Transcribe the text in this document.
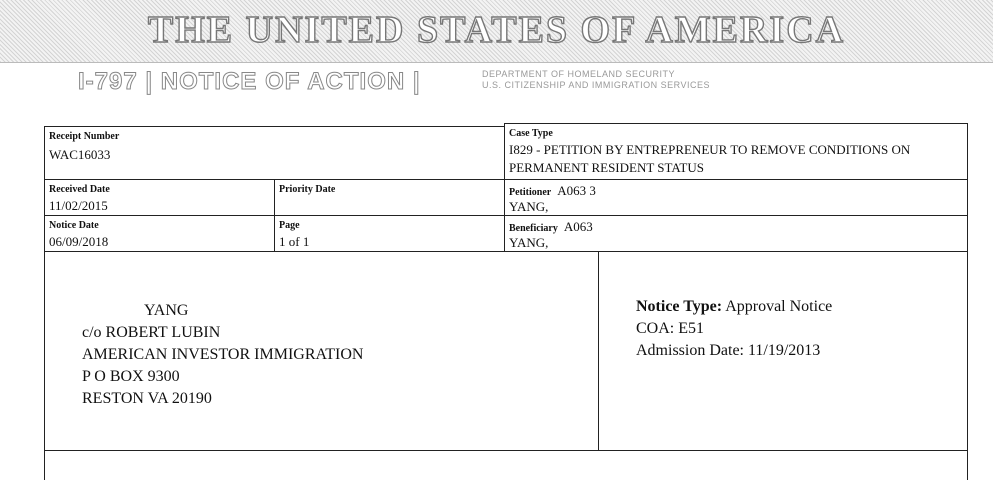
THE UNITED STATES OF AMERICA
I-797 | NOTICE OF ACTION |	DEPARTMENT OF HOMELAND SECURITY
U.S. CITIZENSHIP AND IMMIGRATION SERVICES
Receipt Number
WAC16033
Case Type
I829 - PETITION BY ENTREPRENEUR TO REMOVE CONDITIONS ON
PERMANENT RESIDENT STATUS
Received Date
11/02/2015
Priority Date	Petitioner A063 3
YANG,
Notice Date
06/09/2018
Page
1 of 1
Beneficiary A063
YANG,
YANG
c/o ROBERT LUBIN
AMERICAN INVESTOR IMMIGRATION
P O BOX 9300
RESTON VA 20190
Notice Type: Approval Notice
COA: E51
Admission Date: 11/19/2013
